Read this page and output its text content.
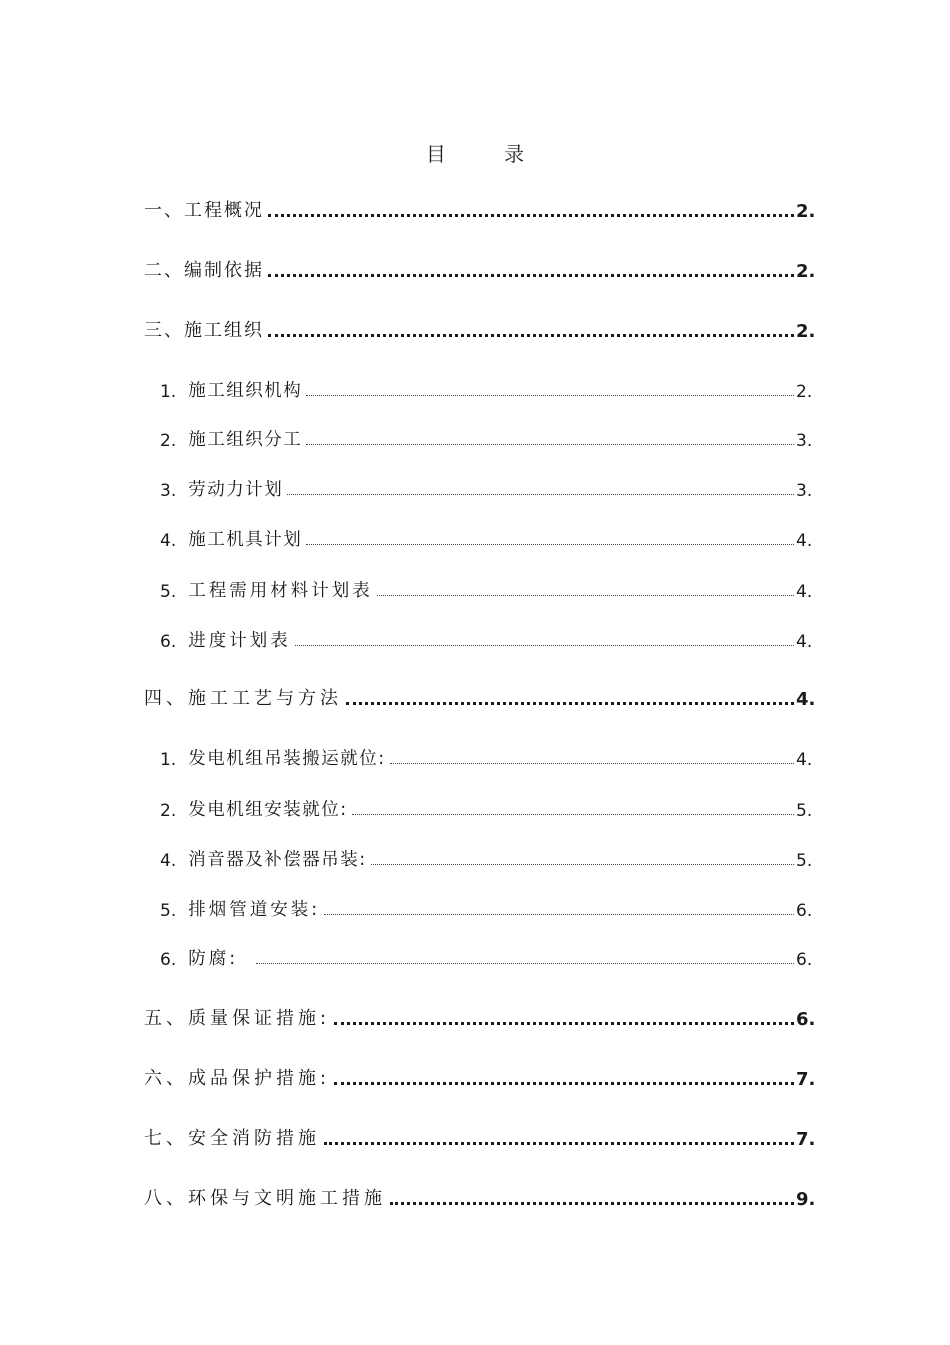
目 录
一、工程概况	2.
二、编制依据	2.
三、施工组织	2.
1. 施工组织机构	2.
2. 施工组织分工	3.
3. 劳动力计划	3.
4. 施工机具计划	4.
5. 工程需用材料计划表	4.
6. 进度计划表	4.
四、施工工艺与方法	4.
1. 发电机组吊装搬运就位:	4.
2. 发电机组安装就位:	5.
4. 消音器及补偿器吊装:	5.
5. 排烟管道安装:	6.
6. 防腐:	6.
五、质量保证措施:	6.
六、成品保护措施:	7.
七、安全消防措施	7.
八、环保与文明施工措施	9.
